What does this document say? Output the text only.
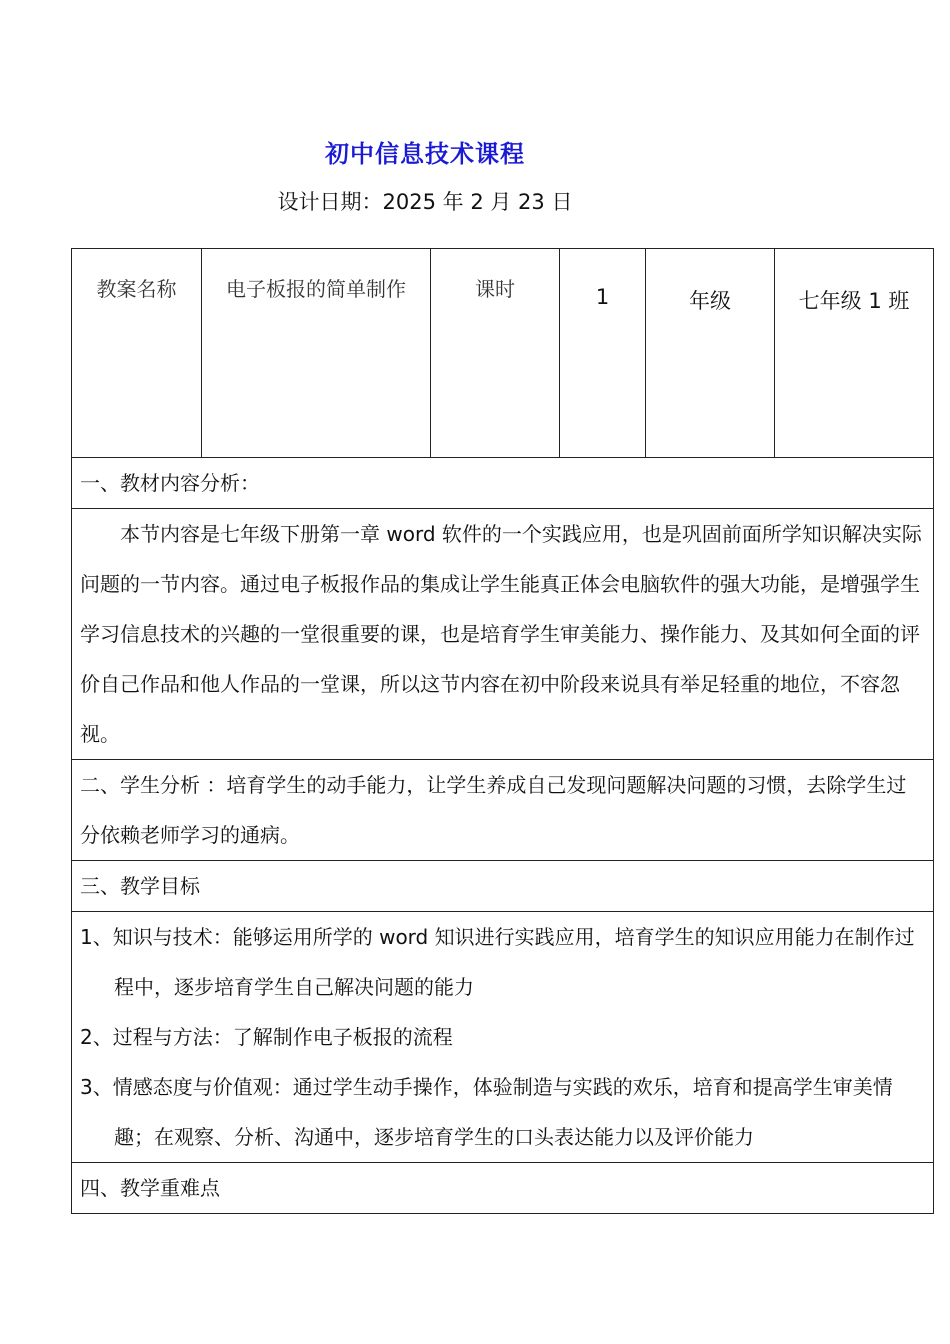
初中信息技术课程
设计日期：2025 年 2 月 23 日
教案名称	电子板报的简单制作	课时	1	年级	七年级 1 班
一、教材内容分析：
本节内容是七年级下册第一章 word 软件的一个实践应用，也是巩固前面所学知识解决实际问题的一节内容。通过电子板报作品的集成让学生能真正体会电脑软件的强大功能，是增强学生学习信息技术的兴趣的一堂很重要的课，也是培育学生审美能力、操作能力、及其如何全面的评价自己作品和他人作品的一堂课，所以这节内容在初中阶段来说具有举足轻重的地位，不容忽视。
二、学生分析 ：培育学生的动手能力，让学生养成自己发现问题解决问题的习惯，去除学生过分依赖老师学习的通病。
三、教学目标

1、知识与技术：能够运用所学的 word 知识进行实践应用，培育学生的知识应用能力在制作过程中，逐步培育学生自己解决问题的能力
2、过程与方法：了解制作电子板报的流程
3、情感态度与价值观：通过学生动手操作，体验制造与实践的欢乐，培育和提高学生审美情趣；在观察、分析、沟通中，逐步培育学生的口头表达能力以及评价能力

四、教学重难点
